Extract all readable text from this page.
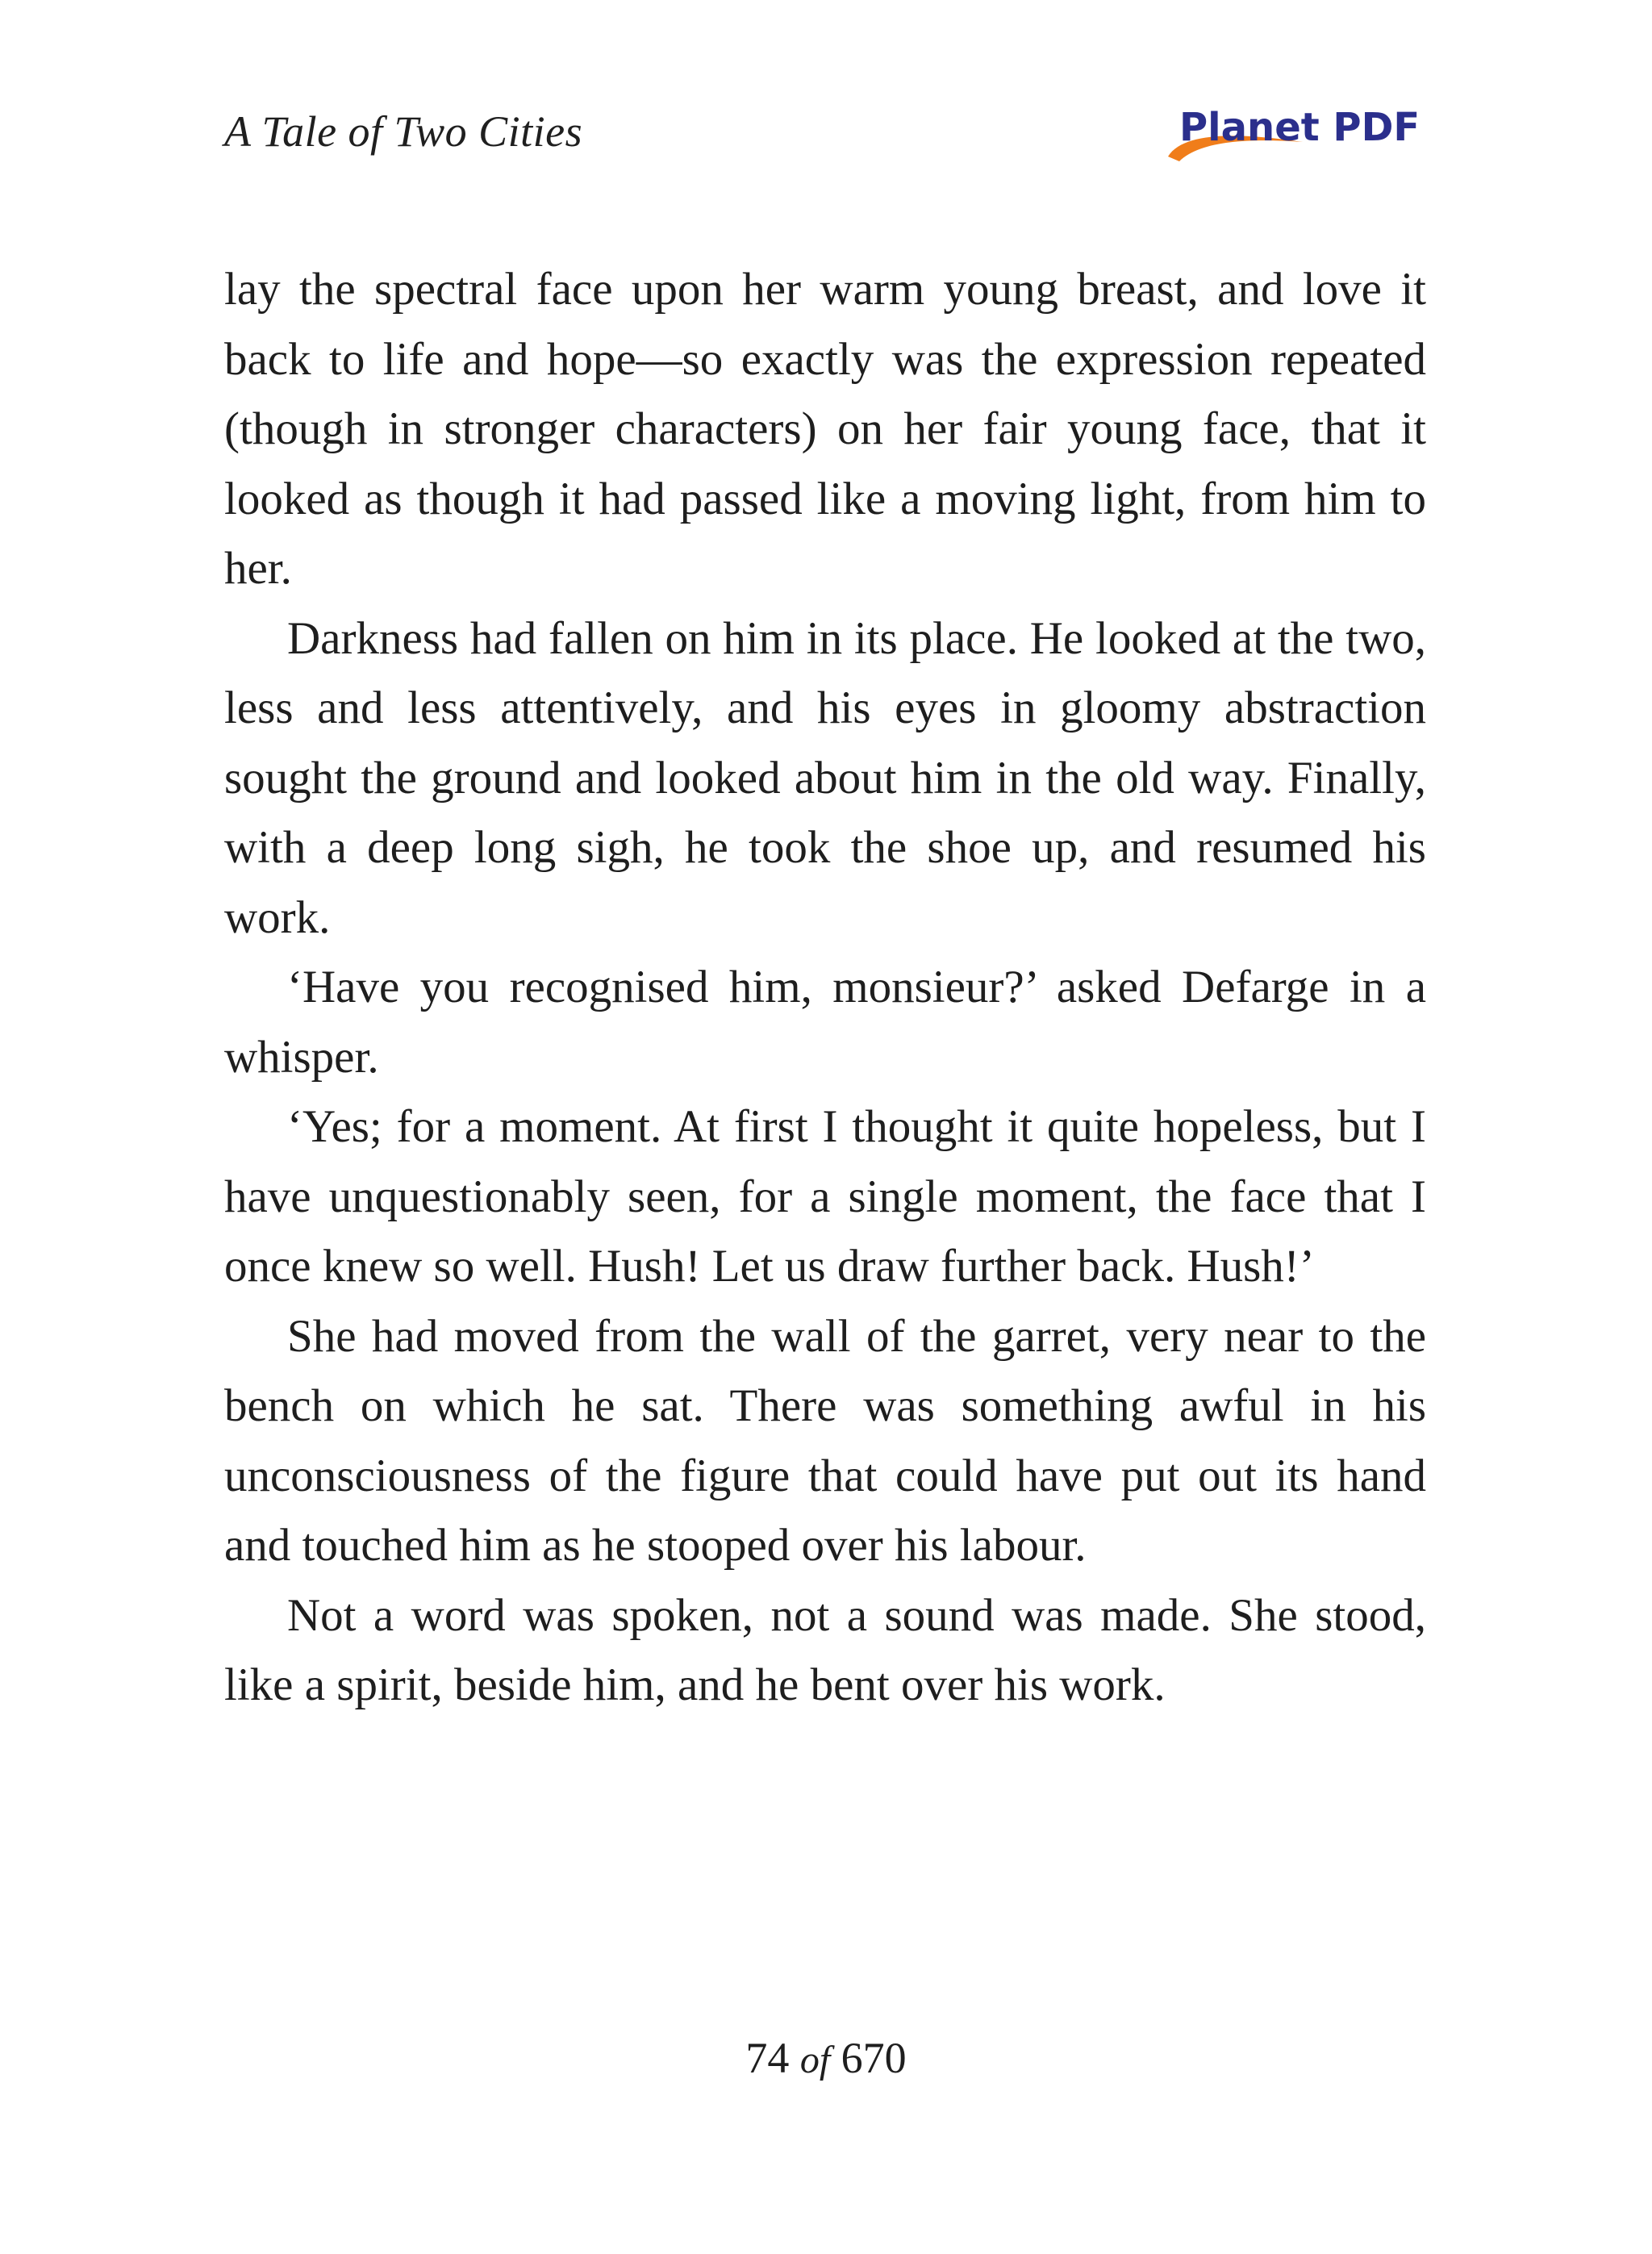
A Tale of Two Cities	Planet PDF

lay the spectral face upon her warm young breast, and love it back to life and hope—so exactly was the expression repeated (though in stronger characters) on her fair young face, that it looked as though it had passed like a moving light, from him to her.

Darkness had fallen on him in its place. He looked at the two, less and less attentively, and his eyes in gloomy abstraction sought the ground and looked about him in the old way. Finally, with a deep long sigh, he took the shoe up, and resumed his work.

‘Have you recognised him, monsieur?’ asked Defarge in a whisper.

‘Yes; for a moment. At first I thought it quite hopeless, but I have unquestionably seen, for a single moment, the face that I once knew so well. Hush! Let us draw further back. Hush!’

She had moved from the wall of the garret, very near to the bench on which he sat. There was something awful in his unconsciousness of the figure that could have put out its hand and touched him as he stooped over his labour.

Not a word was spoken, not a sound was made. She stood, like a spirit, beside him, and he bent over his work.

74 of 670
